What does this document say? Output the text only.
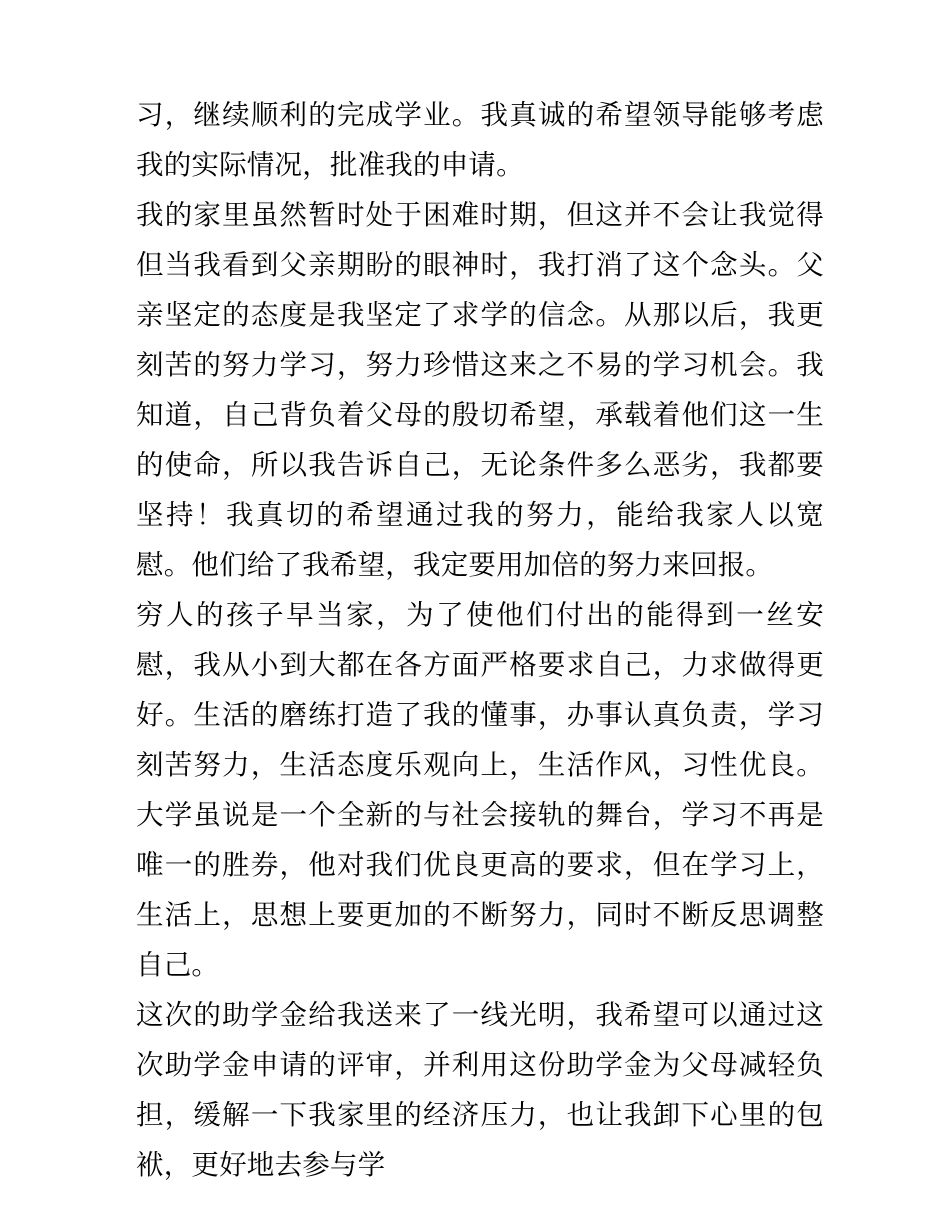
习，继续顺利的完成学业。我真诚的希望领导能够考虑我的实际情况，批准我的申请。

我的家里虽然暂时处于困难时期，但这并不会让我觉得但当我看到父亲期盼的眼神时，我打消了这个念头。父亲坚定的态度是我坚定了求学的信念。从那以后，我更刻苦的努力学习，努力珍惜这来之不易的学习机会。我知道，自己背负着父母的殷切希望，承载着他们这一生的使命，所以我告诉自己，无论条件多么恶劣，我都要坚持！我真切的希望通过我的努力，能给我家人以宽慰。他们给了我希望，我定要用加倍的努力来回报。

穷人的孩子早当家，为了使他们付出的能得到一丝安慰，我从小到大都在各方面严格要求自己，力求做得更好。生活的磨练打造了我的懂事，办事认真负责，学习刻苦努力，生活态度乐观向上，生活作风，习性优良。大学虽说是一个全新的与社会接轨的舞台，学习不再是唯一的胜券，他对我们优良更高的要求，但在学习上，生活上，思想上要更加的不断努力，同时不断反思调整自己。

这次的助学金给我送来了一线光明，我希望可以通过这次助学金申请的评审，并利用这份助学金为父母减轻负担，缓解一下我家里的经济压力，也让我卸下心里的包袱，更好地去参与学
